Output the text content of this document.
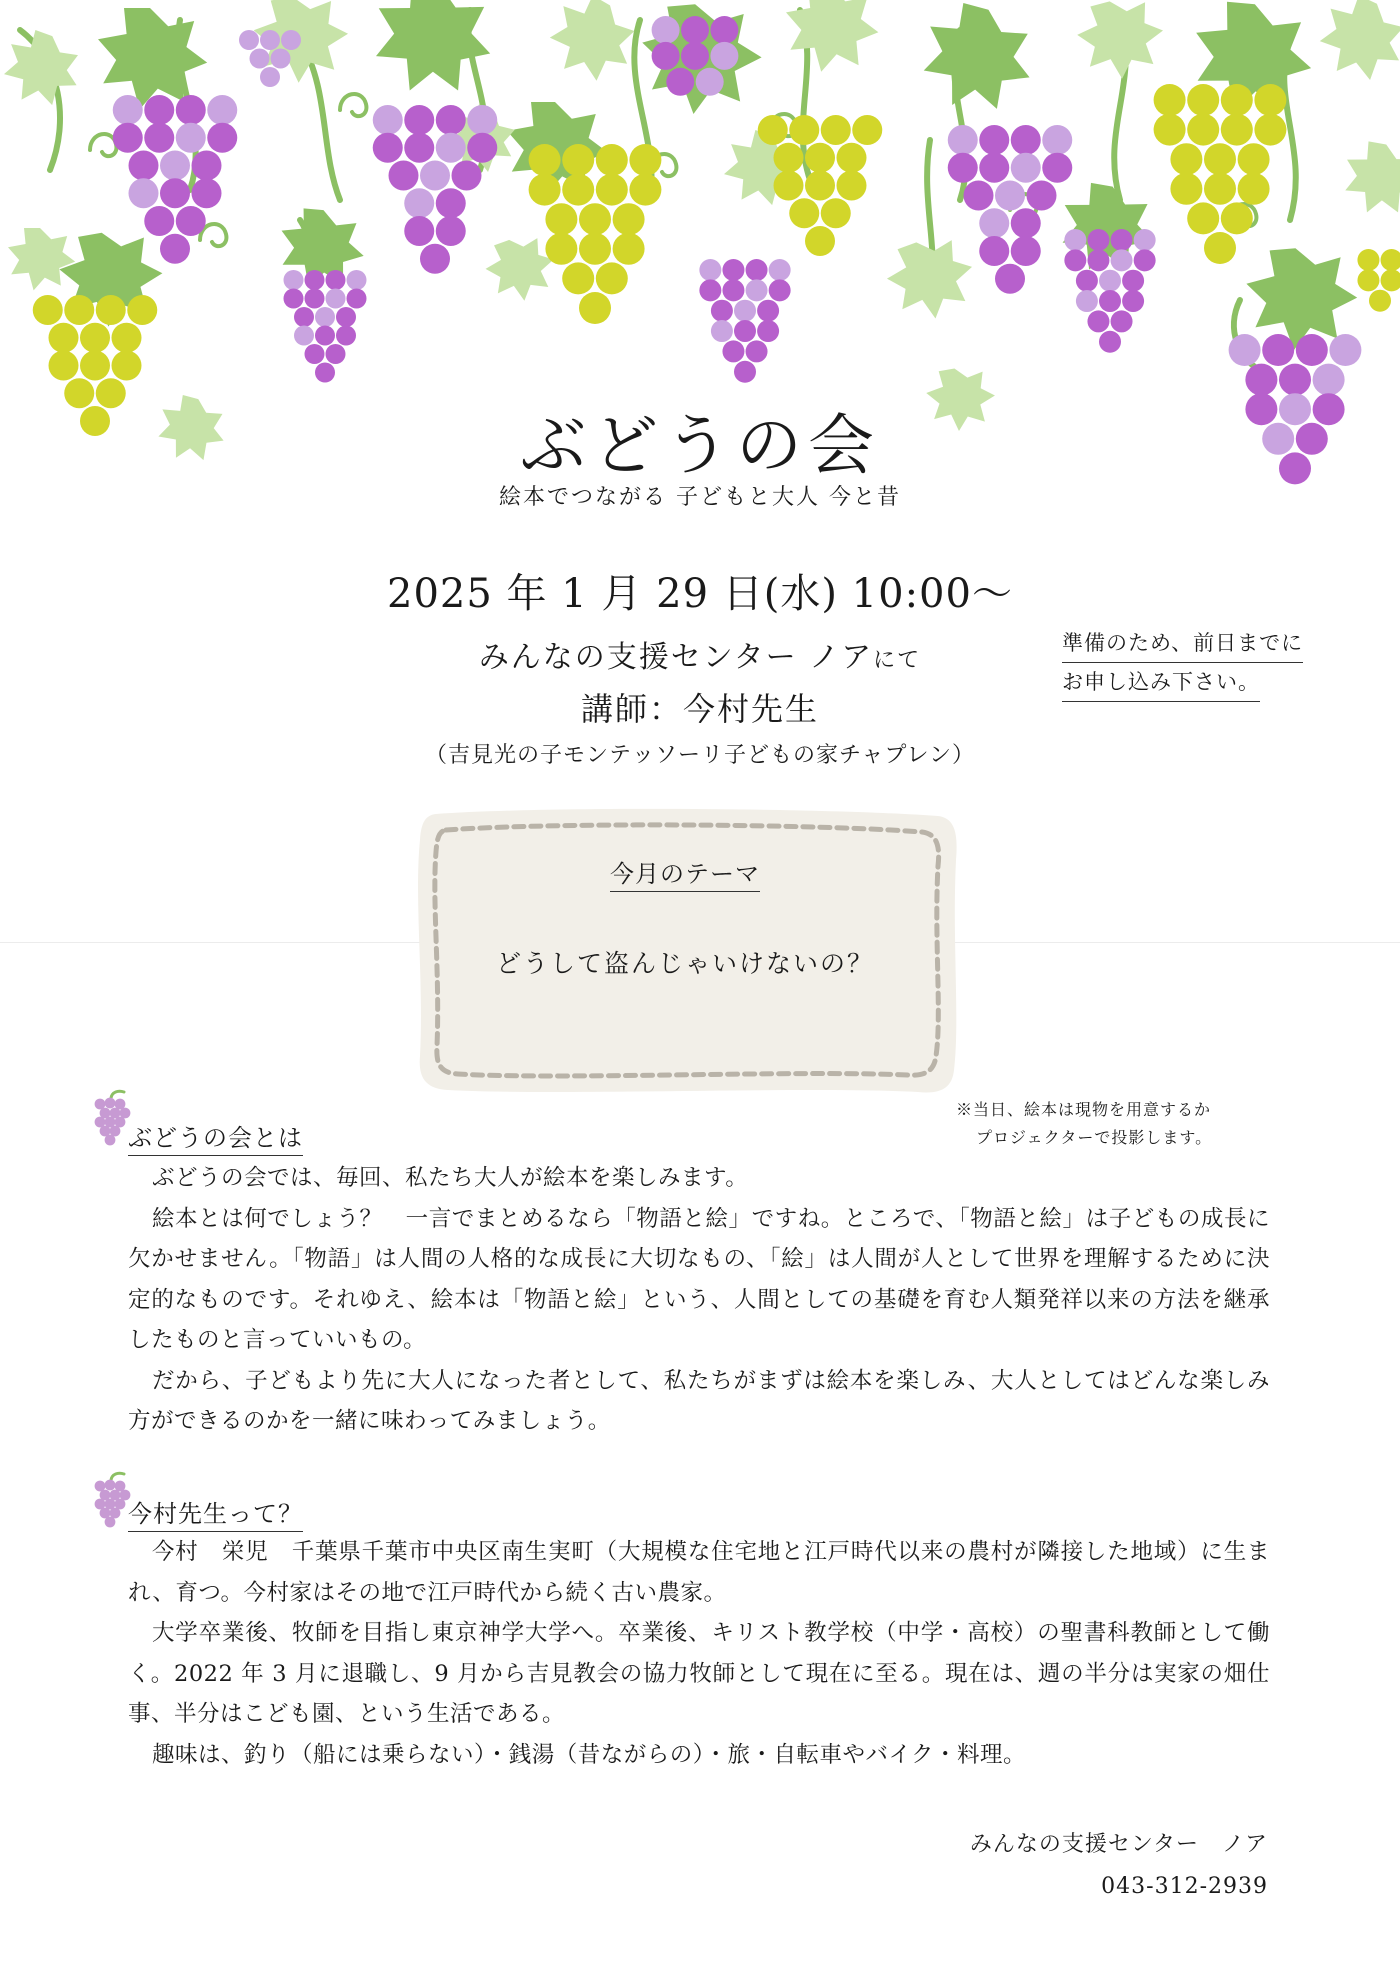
ぶどうの会
絵本でつながる 子どもと大人 今と昔
2025 年 1 月 29 日(水) 10:00～
みんなの支援センター ノアにて
講師：今村先生
（吉見光の子モンテッソーリ子どもの家チャプレン）
準備のため、前日までに
お申し込み下さい。
今月のテーマ
どうして盗んじゃいけないの？
※当日、絵本は現物を用意するか
プロジェクターで投影します。
ぶどうの会とは

ぶどうの会では、毎回、私たち大人が絵本を楽しみます。

絵本とは何でしょう？　一言でまとめるなら「物語と絵」ですね。ところで、「物語と絵」は子どもの成長に欠かせません。「物語」は人間の人格的な成長に大切なもの、「絵」は人間が人として世界を理解するために決定的なものです。それゆえ、絵本は「物語と絵」という、人間としての基礎を育む人類発祥以来の方法を継承したものと言っていいもの。

だから、子どもより先に大人になった者として、私たちがまずは絵本を楽しみ、大人としてはどんな楽しみ方ができるのかを一緒に味わってみましょう。

今村先生って？

今村　栄児　千葉県千葉市中央区南生実町（大規模な住宅地と江戸時代以来の農村が隣接した地域）に生まれ、育つ。今村家はその地で江戸時代から続く古い農家。

大学卒業後、牧師を目指し東京神学大学へ。卒業後、キリスト教学校（中学・高校）の聖書科教師として働く。2022 年 3 月に退職し、9 月から吉見教会の協力牧師として現在に至る。現在は、週の半分は実家の畑仕事、半分はこども園、という生活である。

趣味は、釣り（船には乗らない）・銭湯（昔ながらの）・旅・自転車やバイク・料理。

みんなの支援センター　ノア
043-312-2939
